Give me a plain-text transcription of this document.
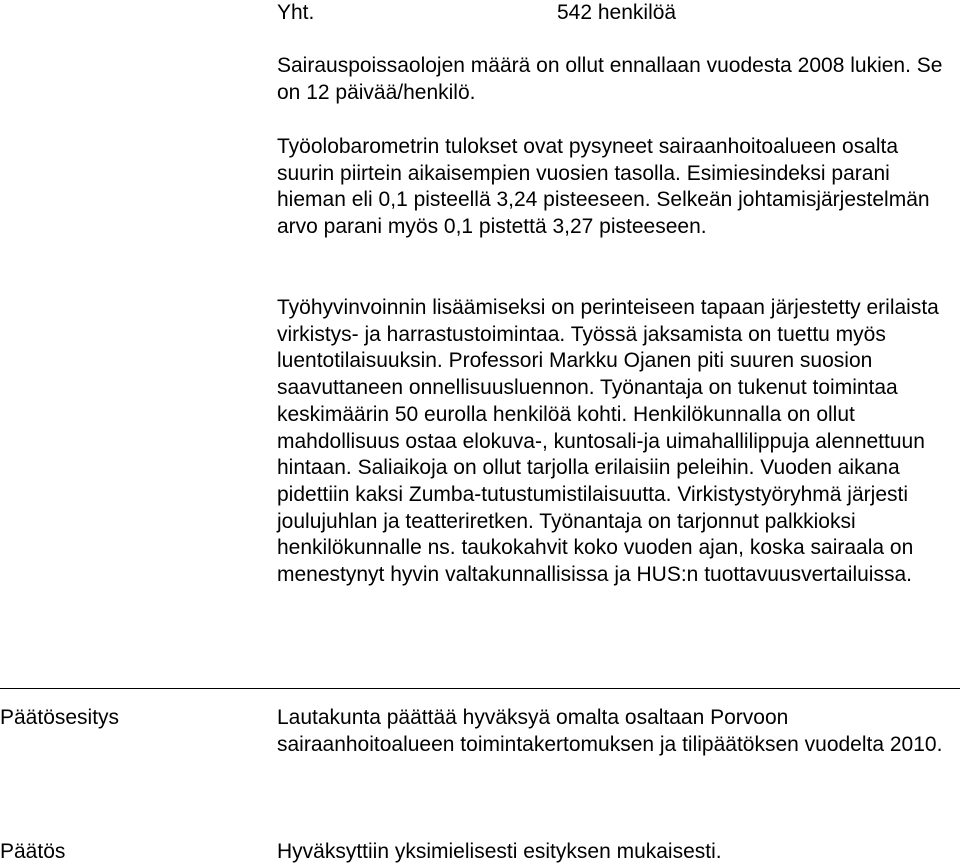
Yht.	542 henkilöä

Sairauspoissaolojen määrä on ollut ennallaan vuodesta 2008 lukien. Se on 12 päivää/henkilö.

Työolobarometrin tulokset ovat pysyneet sairaanhoitoalueen osalta suurin piirtein aikaisempien vuosien tasolla. Esimiesindeksi parani hieman eli 0,1 pisteellä 3,24 pisteeseen. Selkeän johtamisjärjestelmän arvo parani myös 0,1 pistettä 3,27 pisteeseen.

Työhyvinvoinnin lisäämiseksi on perinteiseen tapaan järjestetty erilaista virkistys- ja harrastustoimintaa. Työssä jaksamista on tuettu myös luentotilaisuuksin. Professori Markku Ojanen piti suuren suosion saavuttaneen onnellisuusluennon. Työnantaja on tukenut toimintaa keskimäärin 50 eurolla henkilöä kohti. Henkilökunnalla on ollut mahdollisuus ostaa elokuva-, kuntosali-ja uimahallilippuja alennettuun hintaan. Saliaikoja on ollut tarjolla erilaisiin peleihin. Vuoden aikana pidettiin kaksi Zumba-tutustumistilaisuutta. Virkistystyöryhmä järjesti joulujuhlan ja teatteriretken. Työnantaja on tarjonnut palkkioksi henkilökunnalle ns. taukokahvit koko vuoden ajan, koska sairaala on menestynyt hyvin valtakunnallisissa ja HUS:n tuottavuusvertailuissa.

Päätösesitys	Lautakunta päättää hyväksyä omalta osaltaan Porvoon sairaanhoitoalueen toimintakertomuksen ja tilipäätöksen vuodelta 2010.

Päätös	Hyväksyttiin yksimielisesti esityksen mukaisesti.
